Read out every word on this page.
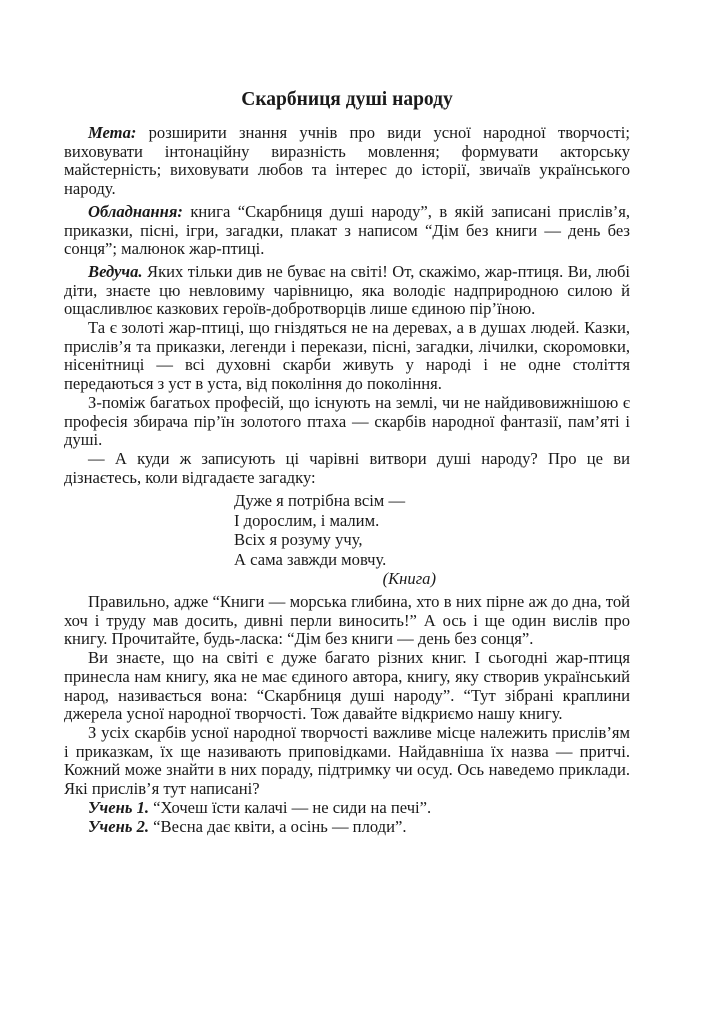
Скарбниця душі народу

Мета: розширити знання учнів про види усної народної творчості; виховувати інтонаційну виразність мовлення; формувати акторську майстерність; виховувати любов та інтерес до історії, звичаїв українського народу.

Обладнання: книга “Скарбниця душі народу”, в якій записані прислів’я, приказки, пісні, ігри, загадки, плакат з написом “Дім без книги — день без сонця”; малюнок жар-птиці.

Ведуча. Яких тільки див не буває на світі! От, скажімо, жар-птиця. Ви, любі діти, знаєте цю невловиму чарівницю, яка володіє надприродною силою й ощасливлює казкових героїв-добротворців лише єдиною пір’їною.

Та є золоті жар-птиці, що гніздяться не на деревах, а в душах людей. Казки, прислів’я та приказки, легенди і перекази, пісні, загадки, лічилки, скоромовки, нісенітниці — всі духовні скарби живуть у народі і не одне століття передаються з уст в уста, від покоління до покоління.

З-поміж багатьох професій, що існують на землі, чи не найдивовижнішою є професія збирача пір’їн золотого птаха — скарбів народної фантазії, пам’яті і душі.

— А куди ж записують ці чарівні витвори душі народу? Про це ви дізнаєтесь, коли відгадаєте загадку:

Дуже я потрібна всім —
І дорослим, і малим.
Всіх я розуму учу,
А сама завжди мовчу.
(Книга)

Правильно, адже “Книги — морська глибина, хто в них пірне аж до дна, той хоч і труду мав досить, дивні перли виносить!” А ось і ще один вислів про книгу. Прочитайте, будь-ласка: “Дім без книги — день без сонця”.

Ви знаєте, що на світі є дуже багато різних книг. І сьогодні жар-птиця принесла нам книгу, яка не має єдиного автора, книгу, яку створив український народ, називається вона: “Скарбниця душі народу”. “Тут зібрані краплини джерела усної народної творчості. Тож давайте відкриємо нашу книгу.

З усіх скарбів усної народної творчості важливе місце належить прислів’ям і приказкам, їх ще називають приповідками. Найдавніша їх назва — притчі. Кожний може знайти в них пораду, підтримку чи осуд. Ось наведемо приклади. Які прислів’я тут написані?

Учень 1. “Хочеш їсти калачі — не сиди на печі”.

Учень 2. “Весна дає квіти, а осінь — плоди”.
